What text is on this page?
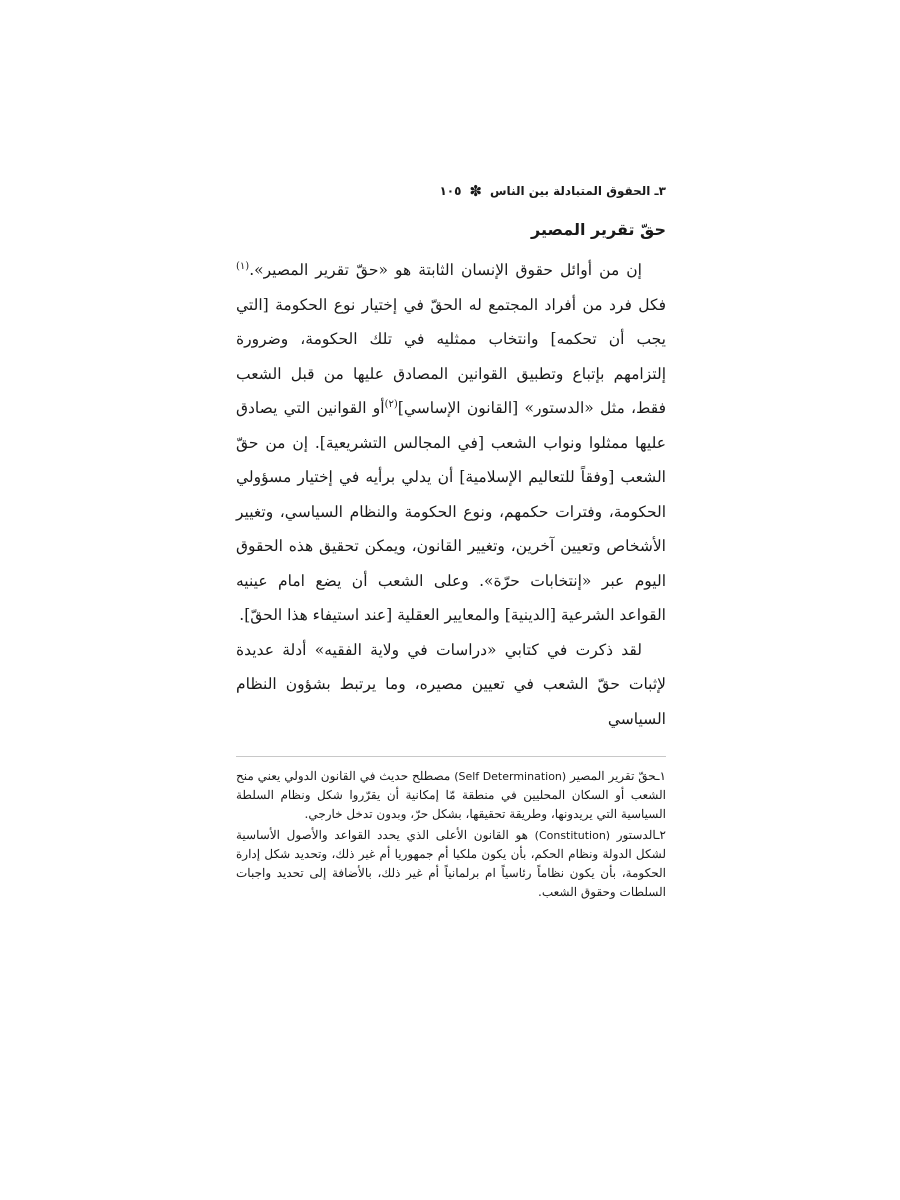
٣ـ الحقوق المتبادلة بين الناس
✽
١٠٥
حقّ تقرير المصير

إن من أوائل حقوق الإنسان الثابتة هو «حقّ تقرير المصير».$^{(١)}$ فكل فرد من أفراد المجتمع له الحقّ في إختيار نوع الحكومة [التي يجب أن تحكمه] وانتخاب ممثليه في تلك الحكومة، وضرورة إلتزامهم بإتباع وتطبيق القوانين المصادق عليها من قبل الشعب فقط، مثل «الدستور» [القانون الإساسي]$^{(٢)}$أو القوانين التي يصادق عليها ممثلوا ونواب الشعب [في المجالس التشريعية]. إن من حقّ الشعب [وفقاً للتعاليم الإسلامية] أن يدلي برأيه في إختيار مسؤولي الحكومة، وفترات حكمهم، ونوع الحكومة والنظام السياسي، وتغيير الأشخاص وتعيين آخرين، وتغيير القانون، ويمكن تحقيق هذه الحقوق اليوم عبر «إنتخابات حرّة». وعلى الشعب أن يضع امام عينيه القواعد الشرعية [الدينية] والمعايير العقلية [عند استيفاء هذا الحقّ].

لقد ذكرت في كتابي «دراسات في ولاية الفقيه» أدلة عديدة لإثبات حقّ الشعب في تعيين مصيره، وما يرتبط بشؤون النظام السياسي

١ـحقّ تقرير المصير (Self Determination) مصطلح حديث في القانون الدولي يعني منح الشعب أو السكان المحليين في منطقة مّا إمكانية أن يقرّروا شكل ونظام السلطة السياسية التي يريدونها، وطريقة تحقيقها، بشكل حرّ، وبدون تدخل خارجي.

٢ـالدستور (Constitution) هو القانون الأعلى الذي يحدد القواعد والأصول الأساسية لشكل الدولة ونظام الحكم، بأن يكون ملكيا أم جمهوريا أم غير ذلك، وتحديد شكل إدارة الحكومة، بأن يكون نظاماً رئاسياً ام برلمانياً أم غير ذلك، بالأضافة إلى تحديد واجبات السلطات وحقوق الشعب.
